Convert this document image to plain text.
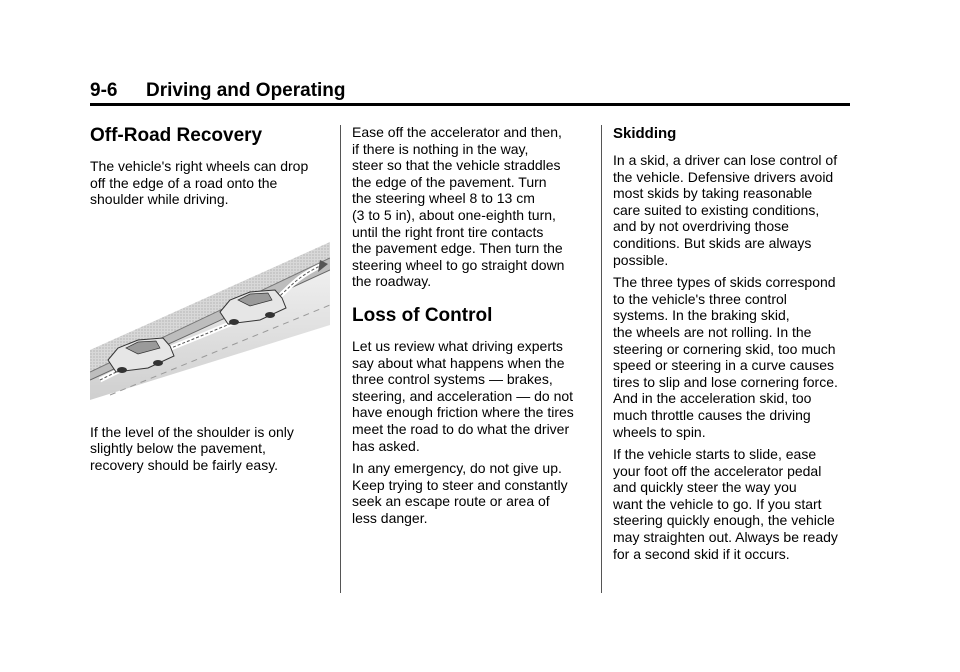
9-6 Driving and Operating
Off-Road Recovery

The vehicle's right wheels can drop
off the edge of a road onto the
shoulder while driving.

If the level of the shoulder is only
slightly below the pavement,
recovery should be fairly easy.

Ease off the accelerator and then,
if there is nothing in the way,
steer so that the vehicle straddles
the edge of the pavement. Turn
the steering wheel 8 to 13 cm
(3 to 5 in), about one-eighth turn,
until the right front tire contacts
the pavement edge. Then turn the
steering wheel to go straight down
the roadway.

Loss of Control

Let us review what driving experts
say about what happens when the
three control systems — brakes,
steering, and acceleration — do not
have enough friction where the tires
meet the road to do what the driver
has asked.

In any emergency, do not give up.
Keep trying to steer and constantly
seek an escape route or area of
less danger.

Skidding

In a skid, a driver can lose control of
the vehicle. Defensive drivers avoid
most skids by taking reasonable
care suited to existing conditions,
and by not overdriving those
conditions. But skids are always
possible.

The three types of skids correspond
to the vehicle's three control
systems. In the braking skid,
the wheels are not rolling. In the
steering or cornering skid, too much
speed or steering in a curve causes
tires to slip and lose cornering force.
And in the acceleration skid, too
much throttle causes the driving
wheels to spin.

If the vehicle starts to slide, ease
your foot off the accelerator pedal
and quickly steer the way you
want the vehicle to go. If you start
steering quickly enough, the vehicle
may straighten out. Always be ready
for a second skid if it occurs.
